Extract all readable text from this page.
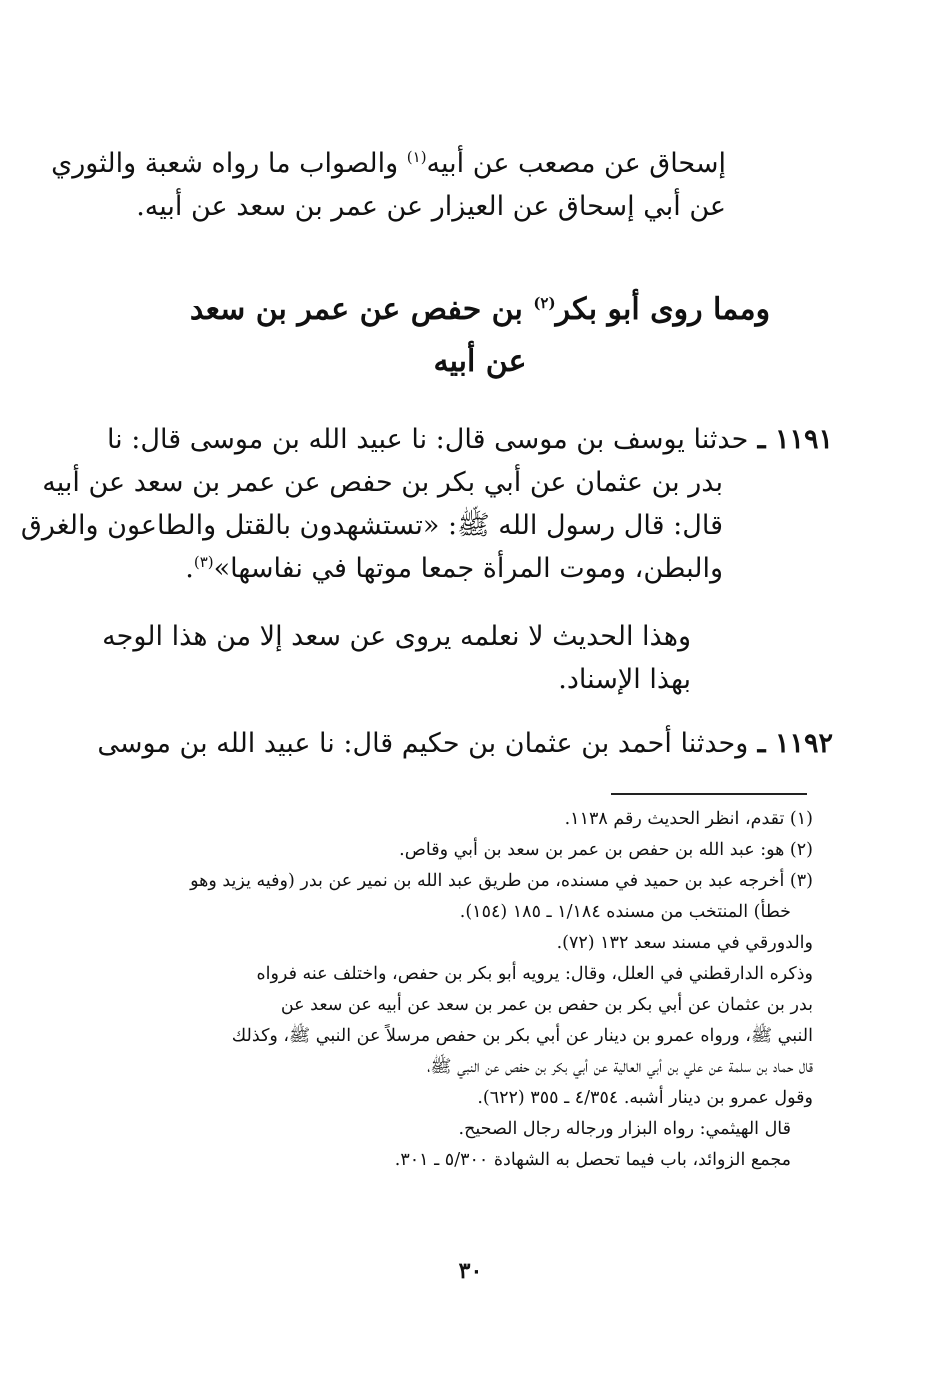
إسحاق عن مصعب عن أبيه$^{(١)}$ والصواب ما رواه شعبة والثوري
عن أبي إسحاق عن العيزار عن عمر بن سعد عن أبيه.
ومما روى أبو بكر$^{(٢)}$ بن حفص عن عمر بن سعد
عن أبيه
١١٩١ ـ حدثنا يوسف بن موسى قال: نا عبيد الله بن موسى قال: نا
بدر بن عثمان عن أبي بكر بن حفص عن عمر بن سعد عن أبيه
قال: قال رسول الله ﷺ: «تستشهدون بالقتل والطاعون والغرق
والبطن، وموت المرأة جمعا موتها في نفاسها»$^{(٣)}$.
وهذا الحديث لا نعلمه يروى عن سعد إلا من هذا الوجه
بهذا الإسناد.
١١٩٢ ـ وحدثنا أحمد بن عثمان بن حكيم قال: نا عبيد الله بن موسى
(١) تقدم، انظر الحديث رقم ١١٣٨.
(٢) هو: عبد الله بن حفص بن عمر بن سعد بن أبي وقاص.
(٣) أخرجه عبد بن حميد في مسنده، من طريق عبد الله بن نمير عن بدر (وفيه يزيد وهو
خطأ) المنتخب من مسنده ١/١٨٤ ـ ١٨٥ (١٥٤).
والدورقي في مسند سعد ١٣٢ (٧٢).
وذكره الدارقطني في العلل، وقال: يرويه أبو بكر بن حفص، واختلف عنه فرواه
بدر بن عثمان عن أبي بكر بن حفص بن عمر بن سعد عن أبيه عن سعد عن
النبي ﷺ، ورواه عمرو بن دينار عن أبي بكر بن حفص مرسلاً عن النبي ﷺ، وكذلك
قال حماد بن سلمة عن علي بن أبي العالية عن أبي بكر بن حفص عن النبي ﷺ،
وقول عمرو بن دينار أشبه. ٤/٣٥٤ ـ ٣٥٥ (٦٢٢).
قال الهيثمي: رواه البزار ورجاله رجال الصحيح.
مجمع الزوائد، باب فيما تحصل به الشهادة ٥/٣٠٠ ـ ٣٠١.
٣٠
